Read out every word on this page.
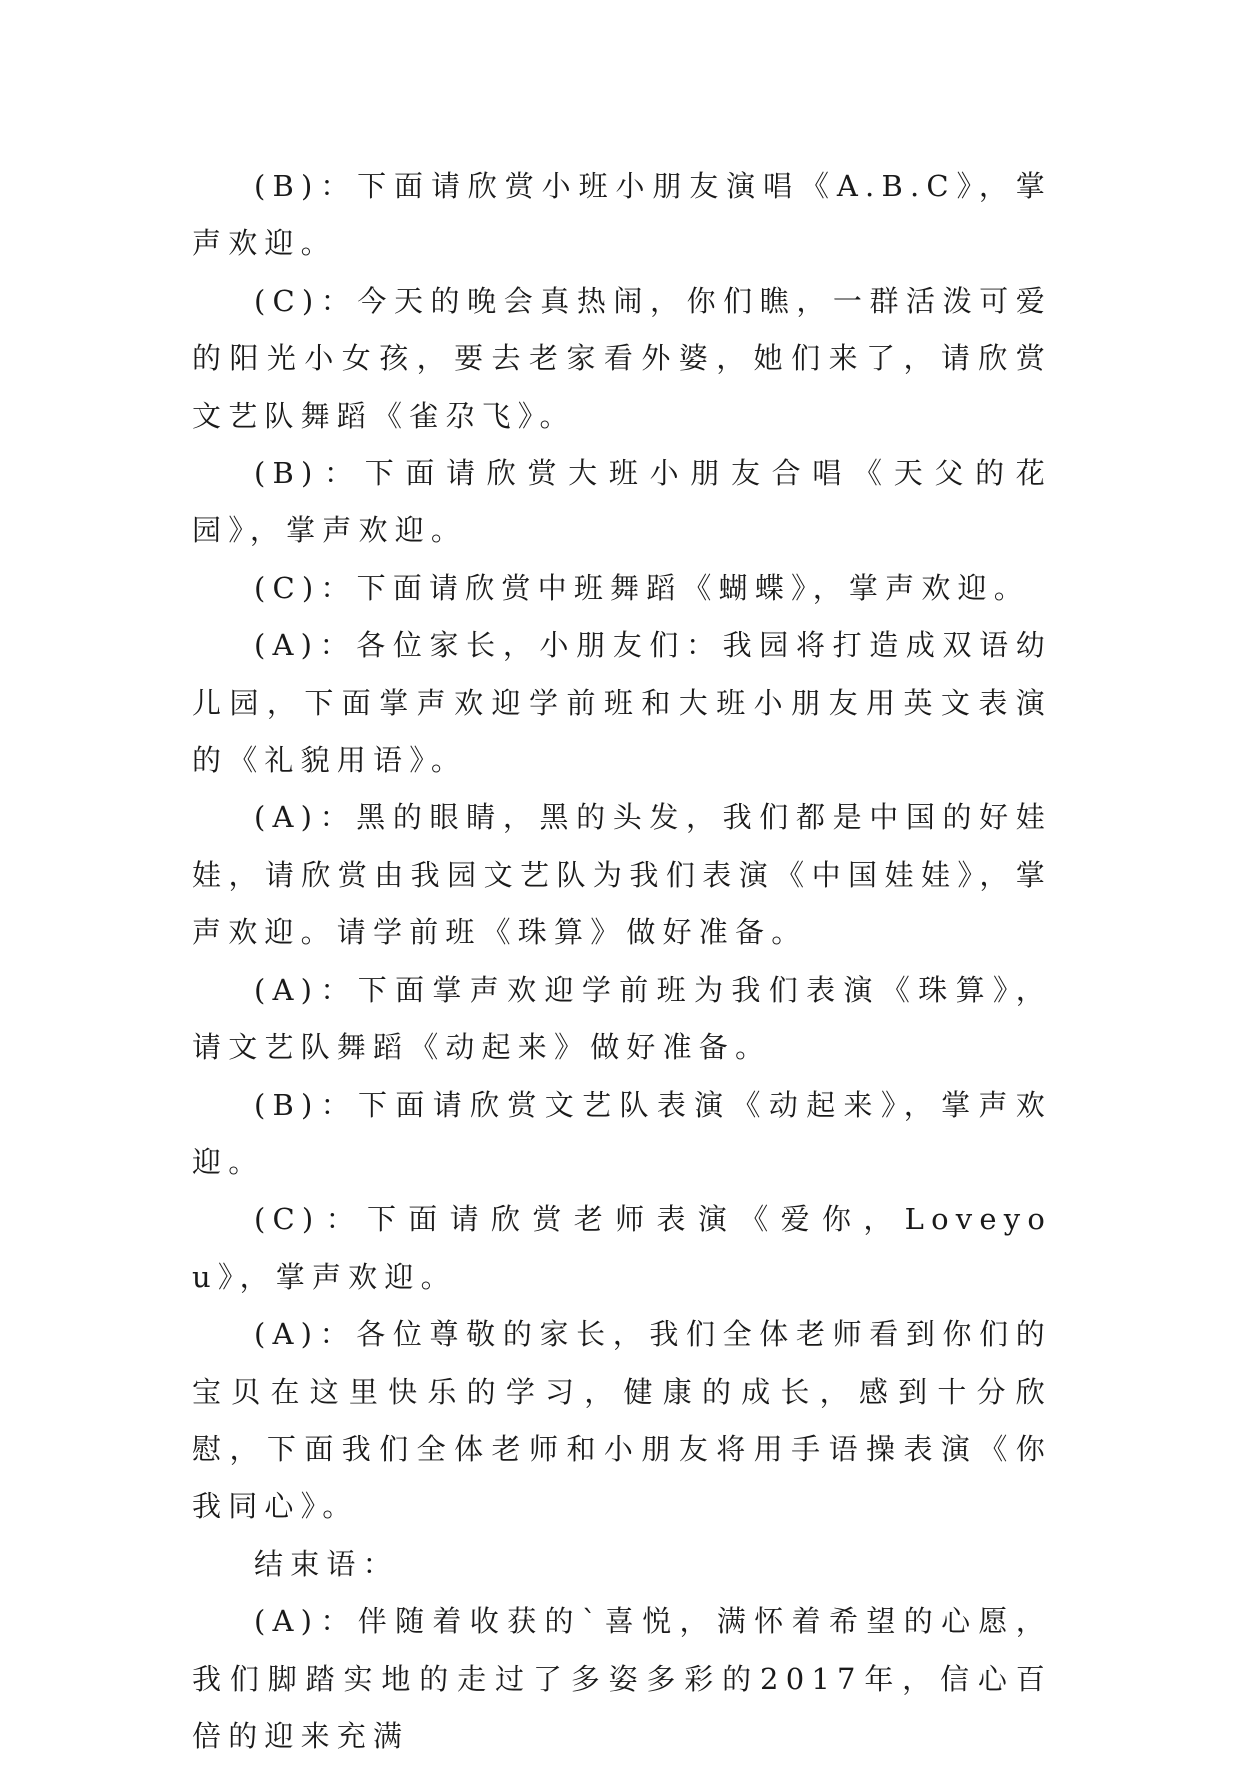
(B)：下面请欣赏小班小朋友演唱《A.B.C》，掌声欢迎。

(C)：今天的晚会真热闹，你们瞧，一群活泼可爱的阳光小女孩，要去老家看外婆，她们来了，请欣赏文艺队舞蹈《雀尕飞》。

(B)：下面请欣赏大班小朋友合唱《天父的花园》，掌声欢迎。

(C)：下面请欣赏中班舞蹈《蝴蝶》，掌声欢迎。

(A)：各位家长，小朋友们：我园将打造成双语幼儿园，下面掌声欢迎学前班和大班小朋友用英文表演的《礼貌用语》。

(A)：黑的眼睛，黑的头发，我们都是中国的好娃娃，请欣赏由我园文艺队为我们表演《中国娃娃》，掌声欢迎。请学前班《珠算》做好准备。

(A)：下面掌声欢迎学前班为我们表演《珠算》，请文艺队舞蹈《动起来》做好准备。

(B)：下面请欣赏文艺队表演《动起来》，掌声欢迎。

(C)：下面请欣赏老师表演《爱你，Loveyou》，掌声欢迎。

(A)：各位尊敬的家长，我们全体老师看到你们的宝贝在这里快乐的学习，健康的成长，感到十分欣慰，下面我们全体老师和小朋友将用手语操表演《你我同心》。

结束语：

(A)：伴随着收获的`喜悦，满怀着希望的心愿，我们脚踏实地的走过了多姿多彩的2017年，信心百倍的迎来充满
